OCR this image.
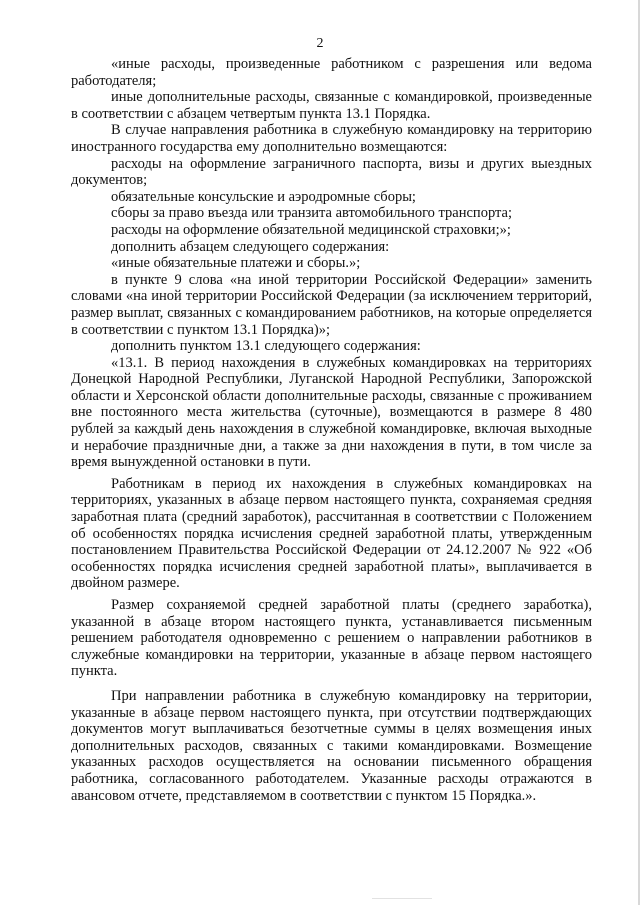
2

«иные расходы, произведенные работником с разрешения или ведома работодателя;

иные дополнительные расходы, связанные с командировкой, произведенные в соответствии с абзацем четвертым пункта 13.1 Порядка.

В случае направления работника в служебную командировку на территорию иностранного государства ему дополнительно возмещаются:

расходы на оформление заграничного паспорта, визы и других выездных документов;

обязательные консульские и аэродромные сборы;

сборы за право въезда или транзита автомобильного транспорта;

расходы на оформление обязательной медицинской страховки;»;

дополнить абзацем следующего содержания:

«иные обязательные платежи и сборы.»;

в пункте 9 слова «на иной территории Российской Федерации» заменить словами «на иной территории Российской Федерации (за исключением территорий, размер выплат, связанных с командированием работников, на которые определяется в соответствии с пунктом 13.1 Порядка)»;

дополнить пунктом 13.1 следующего содержания:

«13.1. В период нахождения в служебных командировках на территориях Донецкой Народной Республики, Луганской Народной Республики, Запорожской области и Херсонской области дополнительные расходы, связанные с проживанием вне постоянного места жительства (суточные), возмещаются в размере 8 480 рублей за каждый день нахождения в служебной командировке, включая выходные и нерабочие праздничные дни, а также за дни нахождения в пути, в том числе за время вынужденной остановки в пути.

Работникам в период их нахождения в служебных командировках на территориях, указанных в абзаце первом настоящего пункта, сохраняемая средняя заработная плата (средний заработок), рассчитанная в соответствии с Положением об особенностях порядка исчисления средней заработной платы, утвержденным постановлением Правительства Российской Федерации от 24.12.2007 № 922 «Об особенностях порядка исчисления средней заработной платы», выплачивается в двойном размере.

Размер сохраняемой средней заработной платы (среднего заработка), указанной в абзаце втором настоящего пункта, устанавливается письменным решением работодателя одновременно с решением о направлении работников в служебные командировки на территории, указанные в абзаце первом настоящего пункта.

При направлении работника в служебную командировку на территории, указанные в абзаце первом настоящего пункта, при отсутствии подтверждающих документов могут выплачиваться безотчетные суммы в целях возмещения иных дополнительных расходов, связанных с такими командировками. Возмещение указанных расходов осуществляется на основании письменного обращения работника, согласованного работодателем. Указанные расходы отражаются в авансовом отчете, представляемом в соответствии с пунктом 15 Порядка.».
